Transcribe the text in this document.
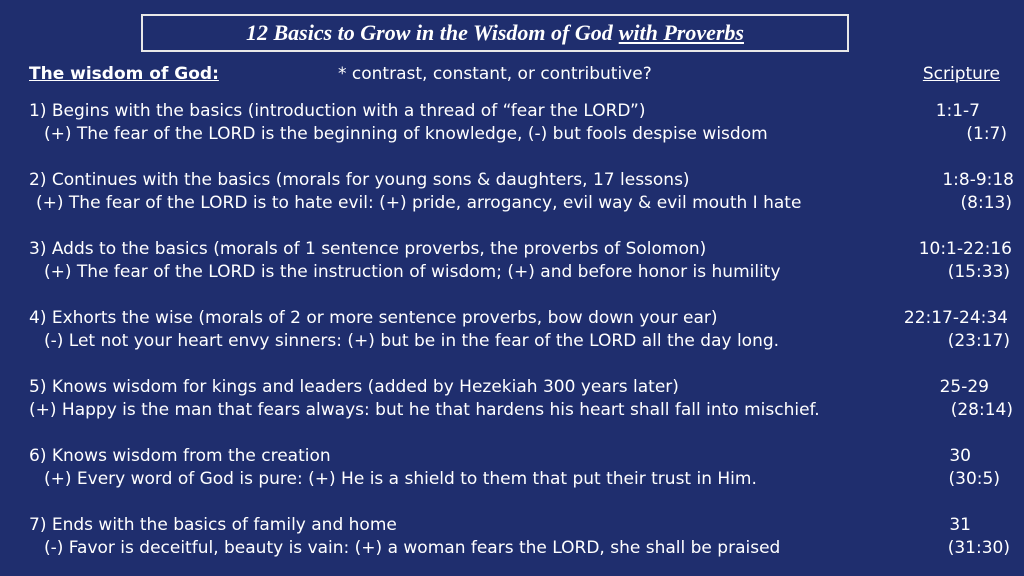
12 Basics to Grow in the Wisdom of God with Proverbs
The wisdom of God:	* contrast, constant, or contributive?	Scripture
1) Begins with the basics (introduction with a thread of “fear the LORD”)	1:1-7
(+) The fear of the LORD is the beginning of knowledge, (-) but fools despise wisdom	(1:7)
2) Continues with the basics (morals for young sons & daughters, 17 lessons)	1:8-9:18
(+) The fear of the LORD is to hate evil: (+) pride, arrogancy, evil way & evil mouth I hate	(8:13)
3) Adds to the basics (morals of 1 sentence proverbs, the proverbs of Solomon)	10:1-22:16
(+) The fear of the LORD is the instruction of wisdom; (+) and before honor is humility	(15:33)
4) Exhorts the wise (morals of 2 or more sentence proverbs, bow down your ear)	22:17-24:34
(-) Let not your heart envy sinners: (+) but be in the fear of the LORD all the day long.	(23:17)
5) Knows wisdom for kings and leaders (added by Hezekiah 300 years later)	25-29
(+) Happy is the man that fears always: but he that hardens his heart shall fall into mischief.	(28:14)
6) Knows wisdom from the creation	30
(+) Every word of God is pure: (+) He is a shield to them that put their trust in Him.	(30:5)
7) Ends with the basics of family and home	31
(-) Favor is deceitful, beauty is vain: (+) a woman fears the LORD, she shall be praised	(31:30)
